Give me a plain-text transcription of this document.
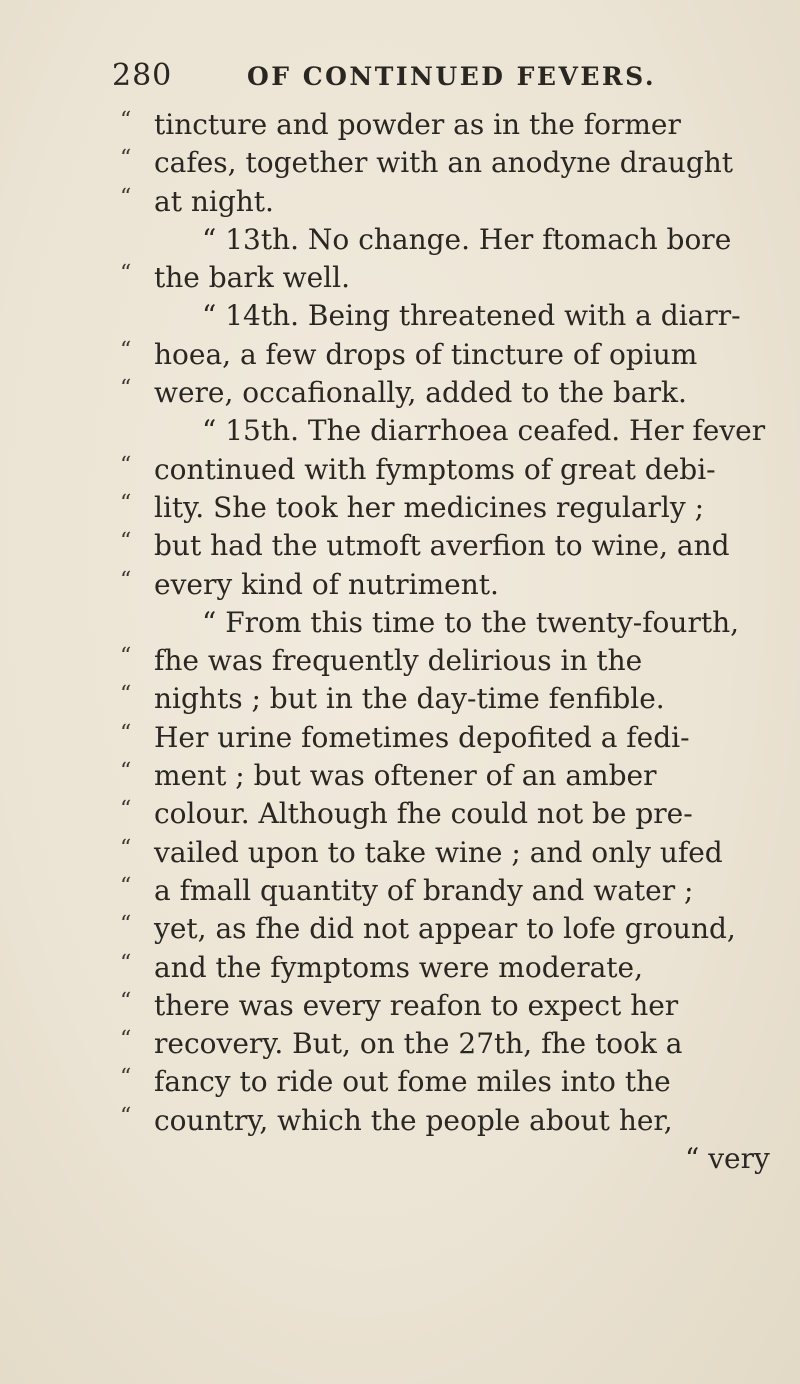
280	OF CONTINUED FEVERS.
“ tincture and powder as in the former
“ cafes, together with an anodyne draught
“ at night.
“ 13th. No change. Her ftomach bore
“ the bark well.
“ 14th. Being threatened with a diarr-
“ hoea, a few drops of tincture of opium
“ were, occafionally, added to the bark.
“ 15th. The diarrhoea ceafed. Her fever
“ continued with fymptoms of great debi-
“ lity. She took her medicines regularly ;
“ but had the utmoft averfion to wine, and
“ every kind of nutriment.
“ From this time to the twenty-fourth,
“ fhe was frequently delirious in the
“ nights ; but in the day-time fenfible.
“ Her urine fometimes depofited a fedi-
“ ment ; but was oftener of an amber
“ colour. Although fhe could not be pre-
“ vailed upon to take wine ; and only ufed
“ a fmall quantity of brandy and water ;
“ yet, as fhe did not appear to lofe ground,
“ and the fymptoms were moderate,
“ there was every reafon to expect her
“ recovery. But, on the 27th, fhe took a
“ fancy to ride out fome miles into the
“ country, which the people about her,
“ very
